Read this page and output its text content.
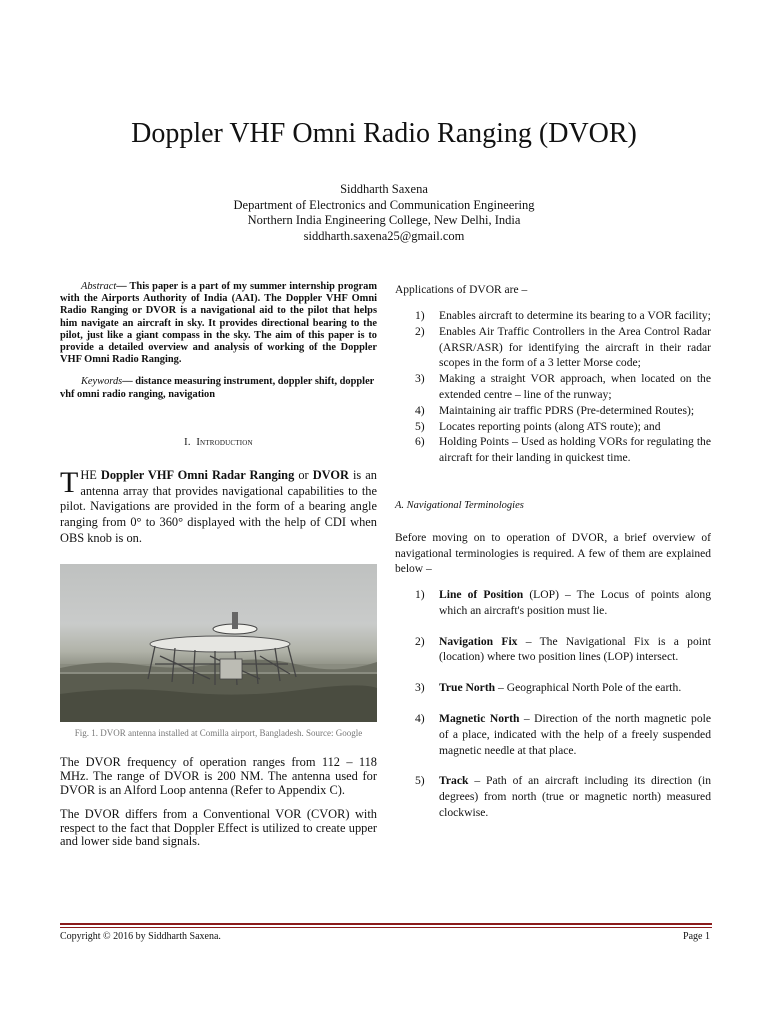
Doppler VHF Omni Radio Ranging (DVOR)
Siddharth Saxena
Department of Electronics and Communication Engineering
Northern India Engineering College, New Delhi, India
siddharth.saxena25@gmail.com

Abstract— This paper is a part of my summer internship program with the Airports Authority of India (AAI). The Doppler VHF Omni Radio Ranging or DVOR is a navigational aid to the pilot that helps him navigate an aircraft in sky. It provides directional bearing to the pilot, just like a giant compass in the sky. The aim of this paper is to provide a detailed overview and analysis of working of the Doppler VHF Omni Radio Ranging.

Keywords— distance measuring instrument, doppler shift, doppler vhf omni radio ranging, navigation

I. Introduction

THE Doppler VHF Omni Radar Ranging or DVOR is an antenna array that provides navigational capabilities to the pilot. Navigations are provided in the form of a bearing angle ranging from 0° to 360° displayed with the help of CDI when OBS knob is on.

Fig. 1. DVOR antenna installed at Comilla airport, Bangladesh. Source: Google

The DVOR frequency of operation ranges from 112 – 118 MHz. The range of DVOR is 200 NM. The antenna used for DVOR is an Alford Loop antenna (Refer to Appendix C).

The DVOR differs from a Conventional VOR (CVOR) with respect to the fact that Doppler Effect is utilized to create upper and lower side band signals.

Applications of DVOR are –

1) Enables aircraft to determine its bearing to a VOR facility;
2) Enables Air Traffic Controllers in the Area Control Radar (ARSR/ASR) for identifying the aircraft in their radar scopes in the form of a 3 letter Morse code;
3) Making a straight VOR approach, when located on the extended centre – line of the runway;
4) Maintaining air traffic PDRS (Pre-determined Routes);
5) Locates reporting points (along ATS route); and
6) Holding Points – Used as holding VORs for regulating the aircraft for their landing in quickest time.

A. Navigational Terminologies

Before moving on to operation of DVOR, a brief overview of navigational terminologies is required. A few of them are explained below –

1) Line of Position (LOP) – The Locus of points along which an aircraft's position must lie.
2) Navigation Fix – The Navigational Fix is a point (location) where two position lines (LOP) intersect.
3) True North – Geographical North Pole of the earth.
4) Magnetic North – Direction of the north magnetic pole of a place, indicated with the help of a freely suspended magnetic needle at that place.
5) Track – Path of an aircraft including its direction (in degrees) from north (true or magnetic north) measured clockwise.
Copyright © 2016 by Siddharth Saxena.	Page 1
